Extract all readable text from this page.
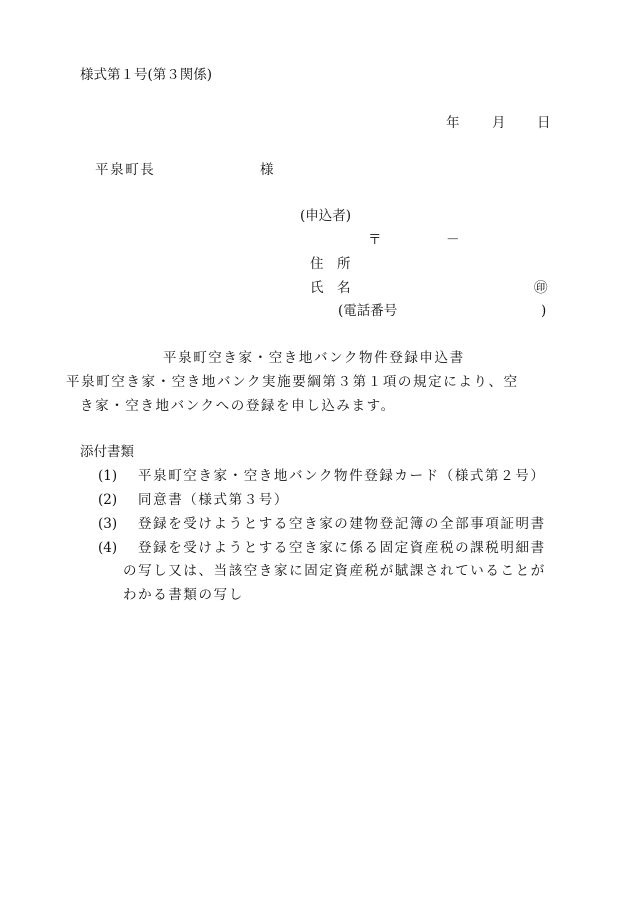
様式第１号(第３関係)
年 月 日
平泉町長	様
(申込者)
〒	－
住　所
氏　名	㊞
(電話番号	)
平泉町空き家・空き地バンク物件登録申込書
平泉町空き家・空き地バンク実施要綱第３第１項の規定により、空
き家・空き地バンクへの登録を申し込みます。
添付書類
(1) 平泉町空き家・空き地バンク物件登録カード（様式第２号）
(2) 同意書（様式第３号）
(3) 登録を受けようとする空き家の建物登記簿の全部事項証明書
(4) 登録を受けようとする空き家に係る固定資産税の課税明細書
の写し又は、当該空き家に固定資産税が賦課されていることが
わかる書類の写し
